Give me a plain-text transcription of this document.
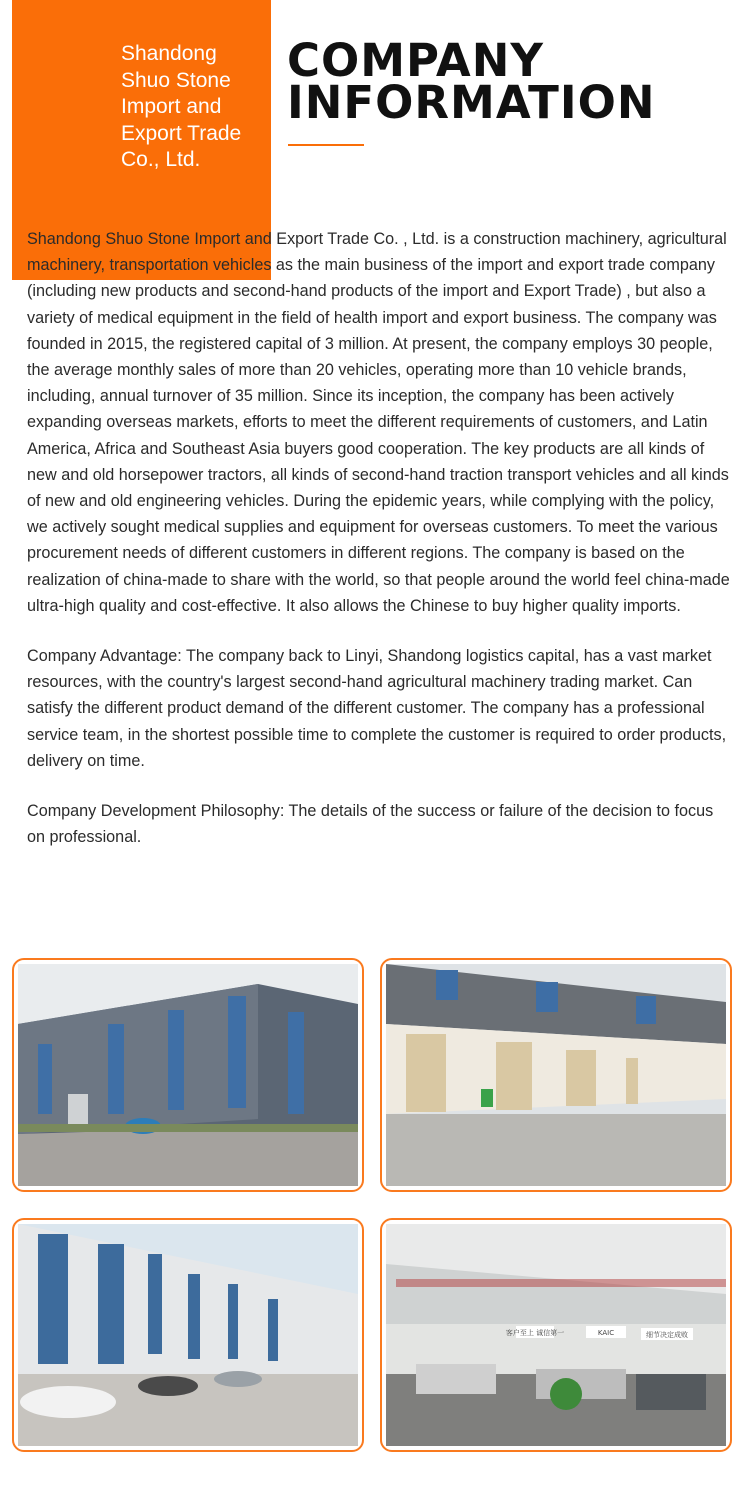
Shandong Shuo Stone Import and Export Trade Co., Ltd.
COMPANY
INFORMATION

Shandong Shuo Stone Import and Export Trade Co. , Ltd. is a construction machinery, agricultural machinery, transportation vehicles as the main business of the import and export trade company (including new products and second-hand products of the import and Export Trade) , but also a variety of medical equipment in the field of health import and export business. The company was founded in 2015, the registered capital of 3 million. At present, the company employs 30 people, the average monthly sales of more than 20 vehicles, operating more than 10 vehicle brands, including, annual turnover of 35 million. Since its inception, the company has been actively expanding overseas markets, efforts to meet the different requirements of customers, and Latin America, Africa and Southeast Asia buyers good cooperation. The key products are all kinds of new and old horsepower tractors, all kinds of second-hand traction transport vehicles and all kinds of new and old engineering vehicles. During the epidemic years, while complying with the policy, we actively sought medical supplies and equipment for overseas customers. To meet the various procurement needs of different customers in different regions. The company is based on the realization of china-made to share with the world, so that people around the world feel china-made ultra-high quality and cost-effective. It also allows the Chinese to buy higher quality imports.

Company Advantage: The company back to Linyi, Shandong logistics capital, has a vast market resources, with the country's largest second-hand agricultural machinery trading market. Can satisfy the different product demand of the different customer. The company has a professional service team, in the shortest possible time to complete the customer is required to order products, delivery on time.

Company Development Philosophy: The details of the success or failure of the decision to focus on professional.

客户至上 诚信第一	KAIC	细节决定成败
